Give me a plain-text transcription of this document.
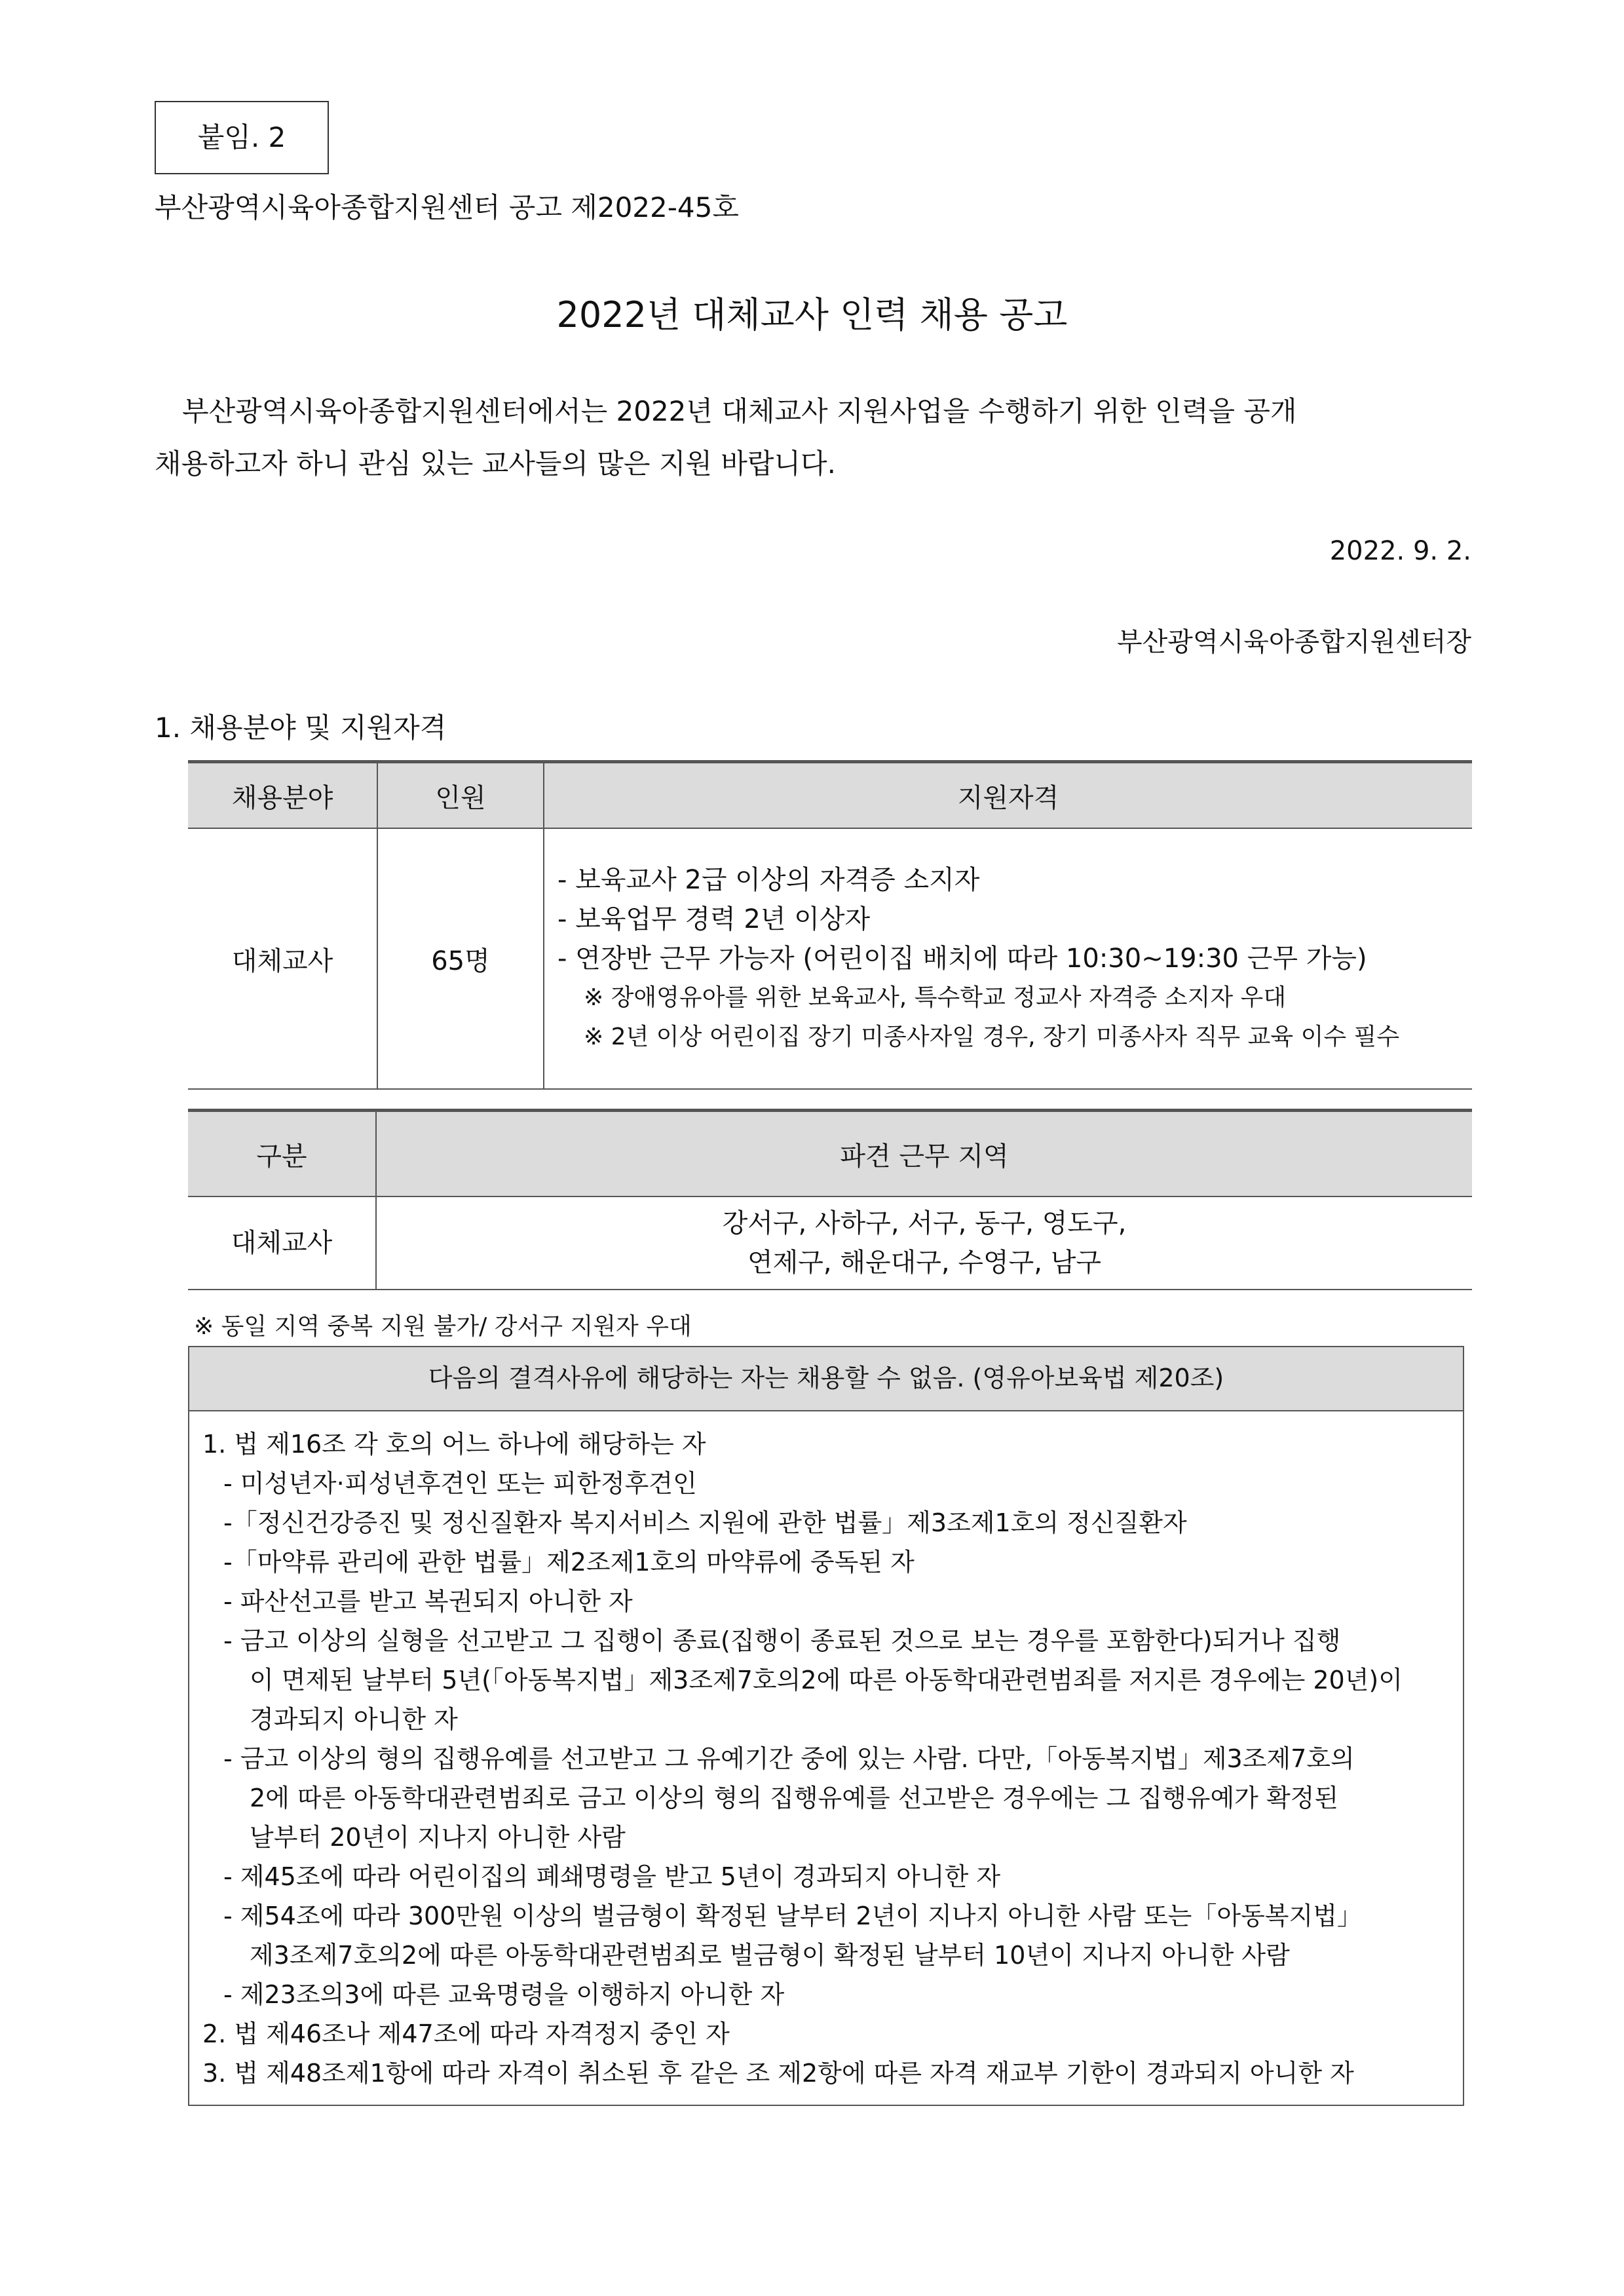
붙임. 2
부산광역시육아종합지원센터 공고 제2022-45호
2022년 대체교사 인력 채용 공고
부산광역시육아종합지원센터에서는 2022년 대체교사 지원사업을 수행하기 위한 인력을 공개
채용하고자 하니 관심 있는 교사들의 많은 지원 바랍니다.
2022. 9. 2.
부산광역시육아종합지원센터장
1. 채용분야 및 지원자격
채용분야	인원	지원자격
대체교사	65명	- 보육교사 2급 이상의 자격증 소지자
- 보육업무 경력 2년 이상자
- 연장반 근무 가능자 (어린이집 배치에 따라 10:30~19:30 근무 가능)
※ 장애영유아를 위한 보육교사, 특수학교 정교사 자격증 소지자 우대
※ 2년 이상 어린이집 장기 미종사자일 경우, 장기 미종사자 직무 교육 이수 필수
구분	파견 근무 지역
대체교사	강서구, 사하구, 서구, 동구, 영도구,
연제구, 해운대구, 수영구, 남구
※ 동일 지역 중복 지원 불가/ 강서구 지원자 우대
다음의 결격사유에 해당하는 자는 채용할 수 없음. (영유아보육법 제20조)
1. 법 제16조 각 호의 어느 하나에 해당하는 자
- 미성년자·피성년후견인 또는 피한정후견인
-「정신건강증진 및 정신질환자 복지서비스 지원에 관한 법률」제3조제1호의 정신질환자
-「마약류 관리에 관한 법률」제2조제1호의 마약류에 중독된 자
- 파산선고를 받고 복권되지 아니한 자
- 금고 이상의 실형을 선고받고 그 집행이 종료(집행이 종료된 것으로 보는 경우를 포함한다)되거나 집행
이 면제된 날부터 5년(「아동복지법」제3조제7호의2에 따른 아동학대관련범죄를 저지른 경우에는 20년)이
경과되지 아니한 자
- 금고 이상의 형의 집행유예를 선고받고 그 유예기간 중에 있는 사람. 다만,「아동복지법」제3조제7호의
2에 따른 아동학대관련범죄로 금고 이상의 형의 집행유예를 선고받은 경우에는 그 집행유예가 확정된
날부터 20년이 지나지 아니한 사람
- 제45조에 따라 어린이집의 폐쇄명령을 받고 5년이 경과되지 아니한 자
- 제54조에 따라 300만원 이상의 벌금형이 확정된 날부터 2년이 지나지 아니한 사람 또는「아동복지법」
제3조제7호의2에 따른 아동학대관련범죄로 벌금형이 확정된 날부터 10년이 지나지 아니한 사람
- 제23조의3에 따른 교육명령을 이행하지 아니한 자
2. 법 제46조나 제47조에 따라 자격정지 중인 자
3. 법 제48조제1항에 따라 자격이 취소된 후 같은 조 제2항에 따른 자격 재교부 기한이 경과되지 아니한 자
